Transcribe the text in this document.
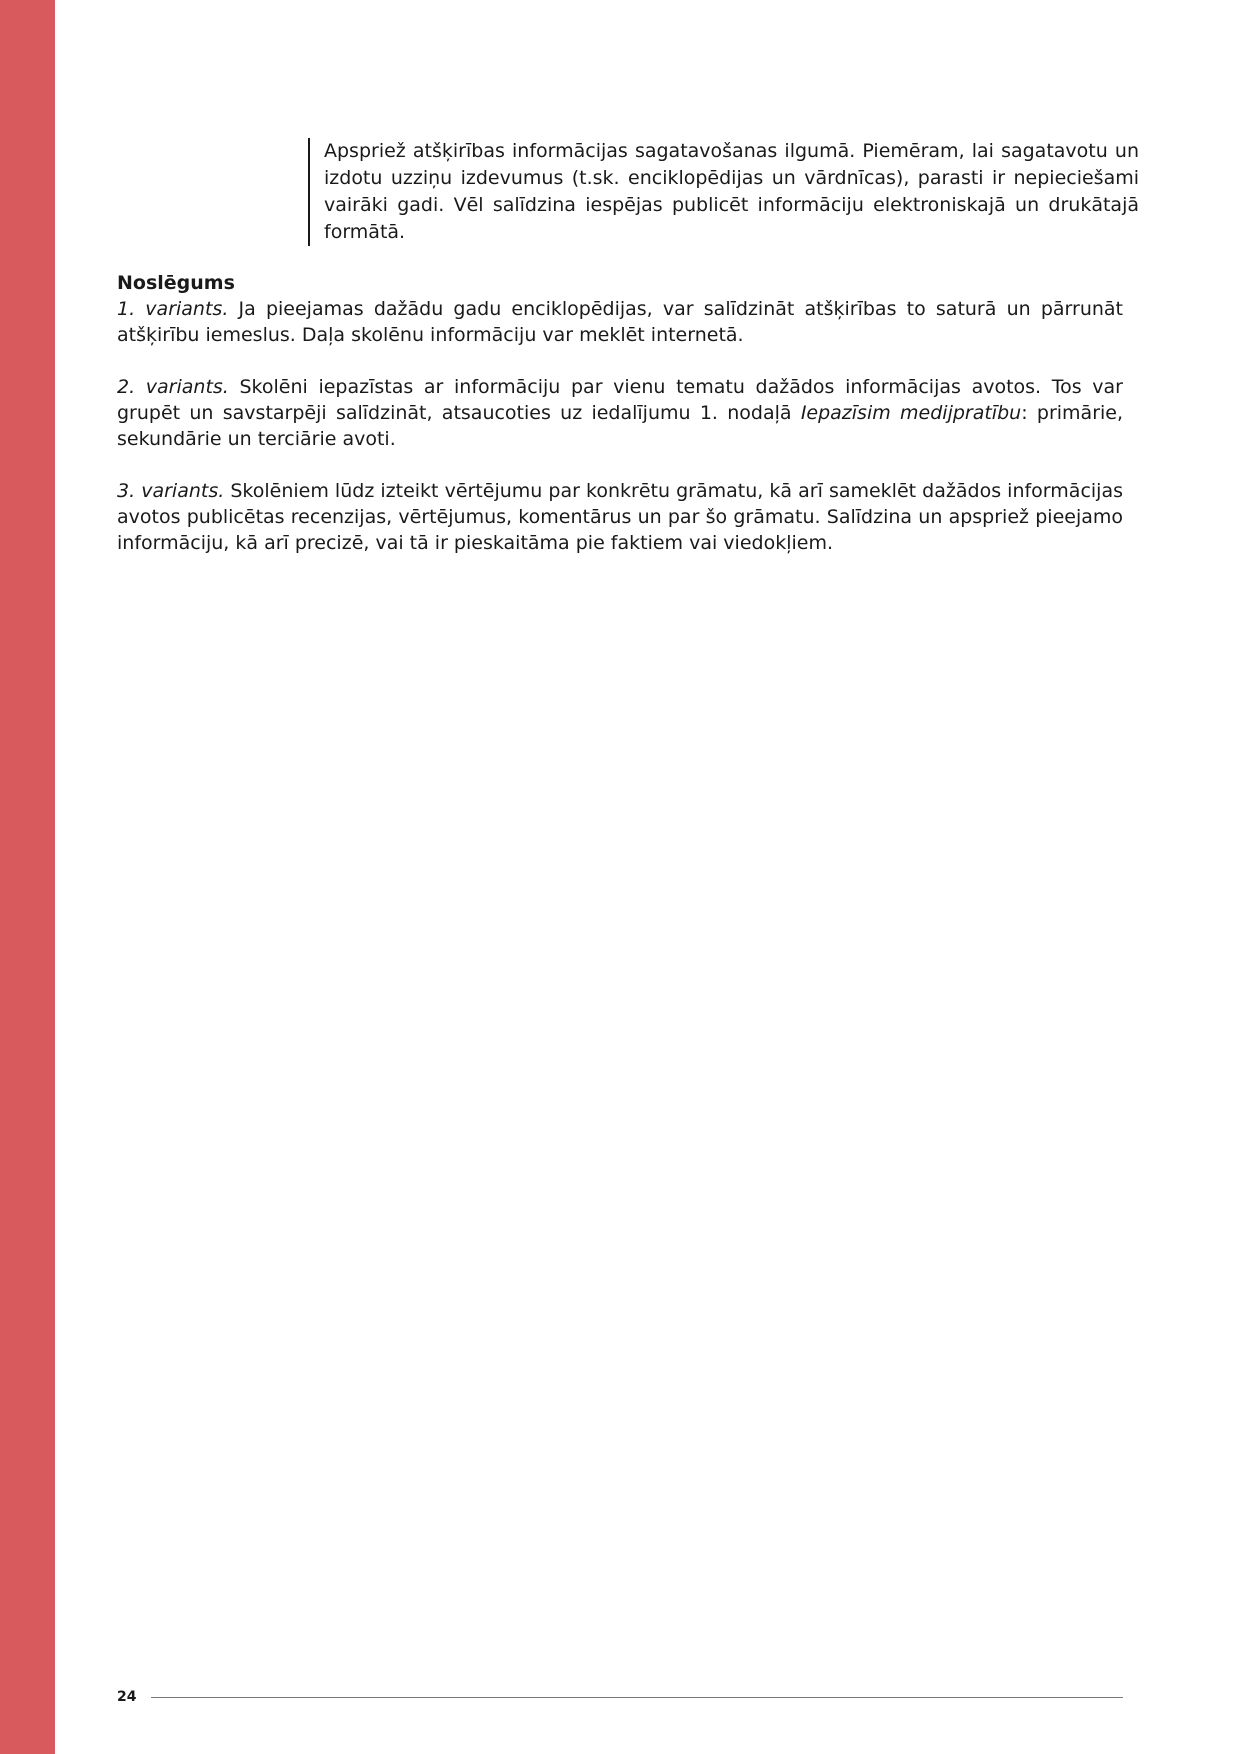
Apspriež atšķirības informācijas sagatavošanas ilgumā. Piemēram, lai sagatavotu un izdotu uzziņu izdevumus (t.sk. enciklopēdijas un vārdnīcas), parasti ir nepieciešami vairāki gadi. Vēl salīdzina iespējas publicēt informāciju elektroniskajā un drukātajā formātā.

Noslēgums

1. variants. Ja pieejamas dažādu gadu enciklopēdijas, var salīdzināt atšķirības to saturā un pārrunāt atšķirību iemeslus. Daļa skolēnu informāciju var meklēt internetā.

2. variants. Skolēni iepazīstas ar informāciju par vienu tematu dažādos informācijas avotos. Tos var grupēt un savstarpēji salīdzināt, atsaucoties uz iedalījumu 1. nodaļā Iepazīsim medijpratību: primārie, sekundārie un terciārie avoti.

3. variants. Skolēniem lūdz izteikt vērtējumu par konkrētu grāmatu, kā arī sameklēt dažādos informācijas avotos publicētas recenzijas, vērtējumus, komentārus un par šo grāmatu. Salīdzina un apspriež pieejamo informāciju, kā arī precizē, vai tā ir pieskaitāma pie faktiem vai viedokļiem.

24
